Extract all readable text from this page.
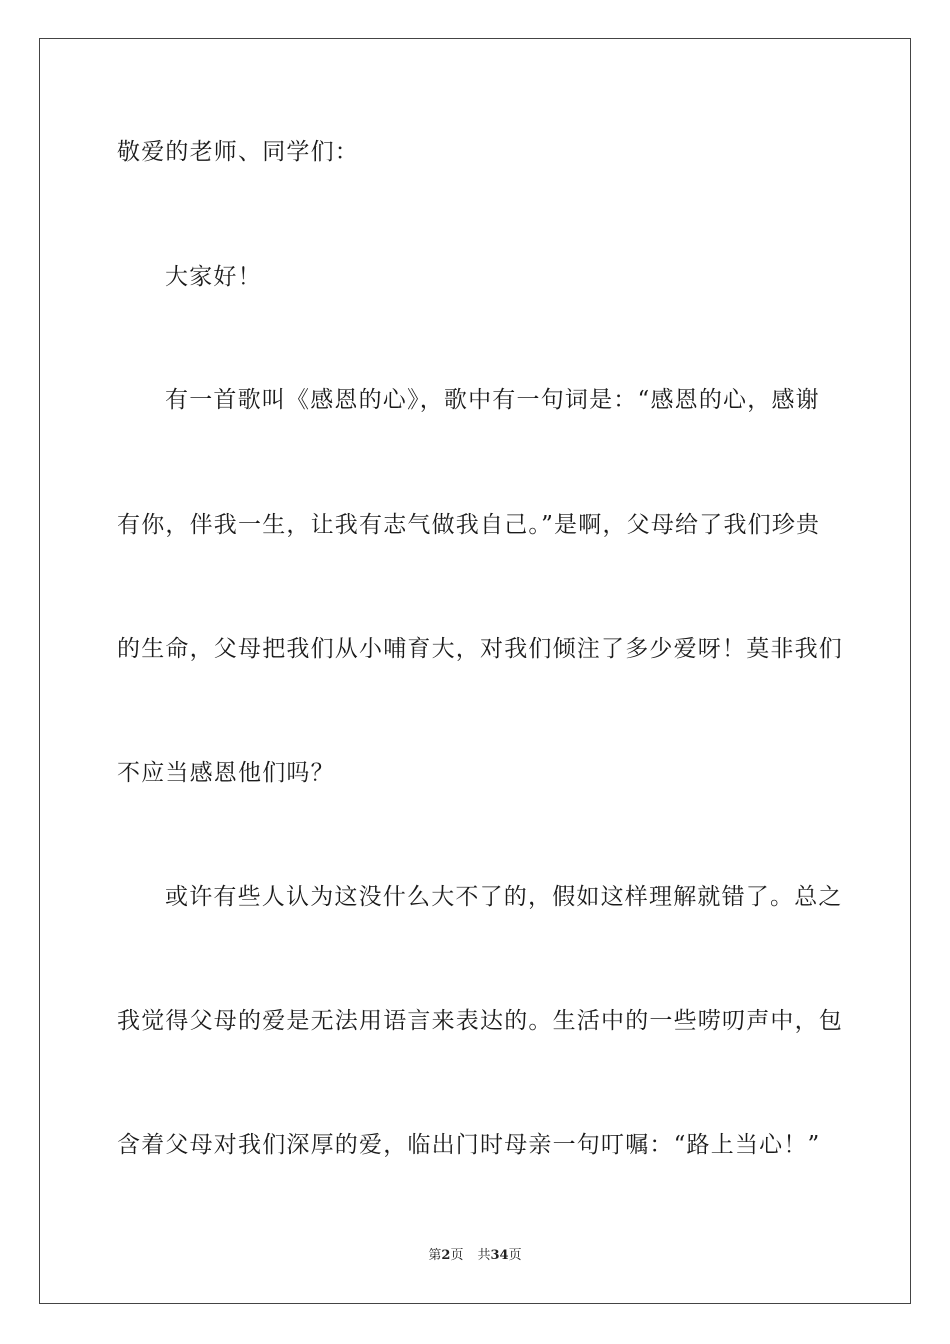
敬爱的老师、同学们：
大家好！
有一首歌叫《感恩的心》，歌中有一句词是：“感恩的心，感谢
有你，伴我一生，让我有志气做我自己。”是啊，父母给了我们珍贵
的生命，父母把我们从小哺育大，对我们倾注了多少爱呀！莫非我们
不应当感恩他们吗？
或许有些人认为这没什么大不了的，假如这样理解就错了。总之
我觉得父母的爱是无法用语言来表达的。生活中的一些唠叨声中，包
含着父母对我们深厚的爱，临出门时母亲一句叮嘱：“路上当心！”
第2页 共34页
